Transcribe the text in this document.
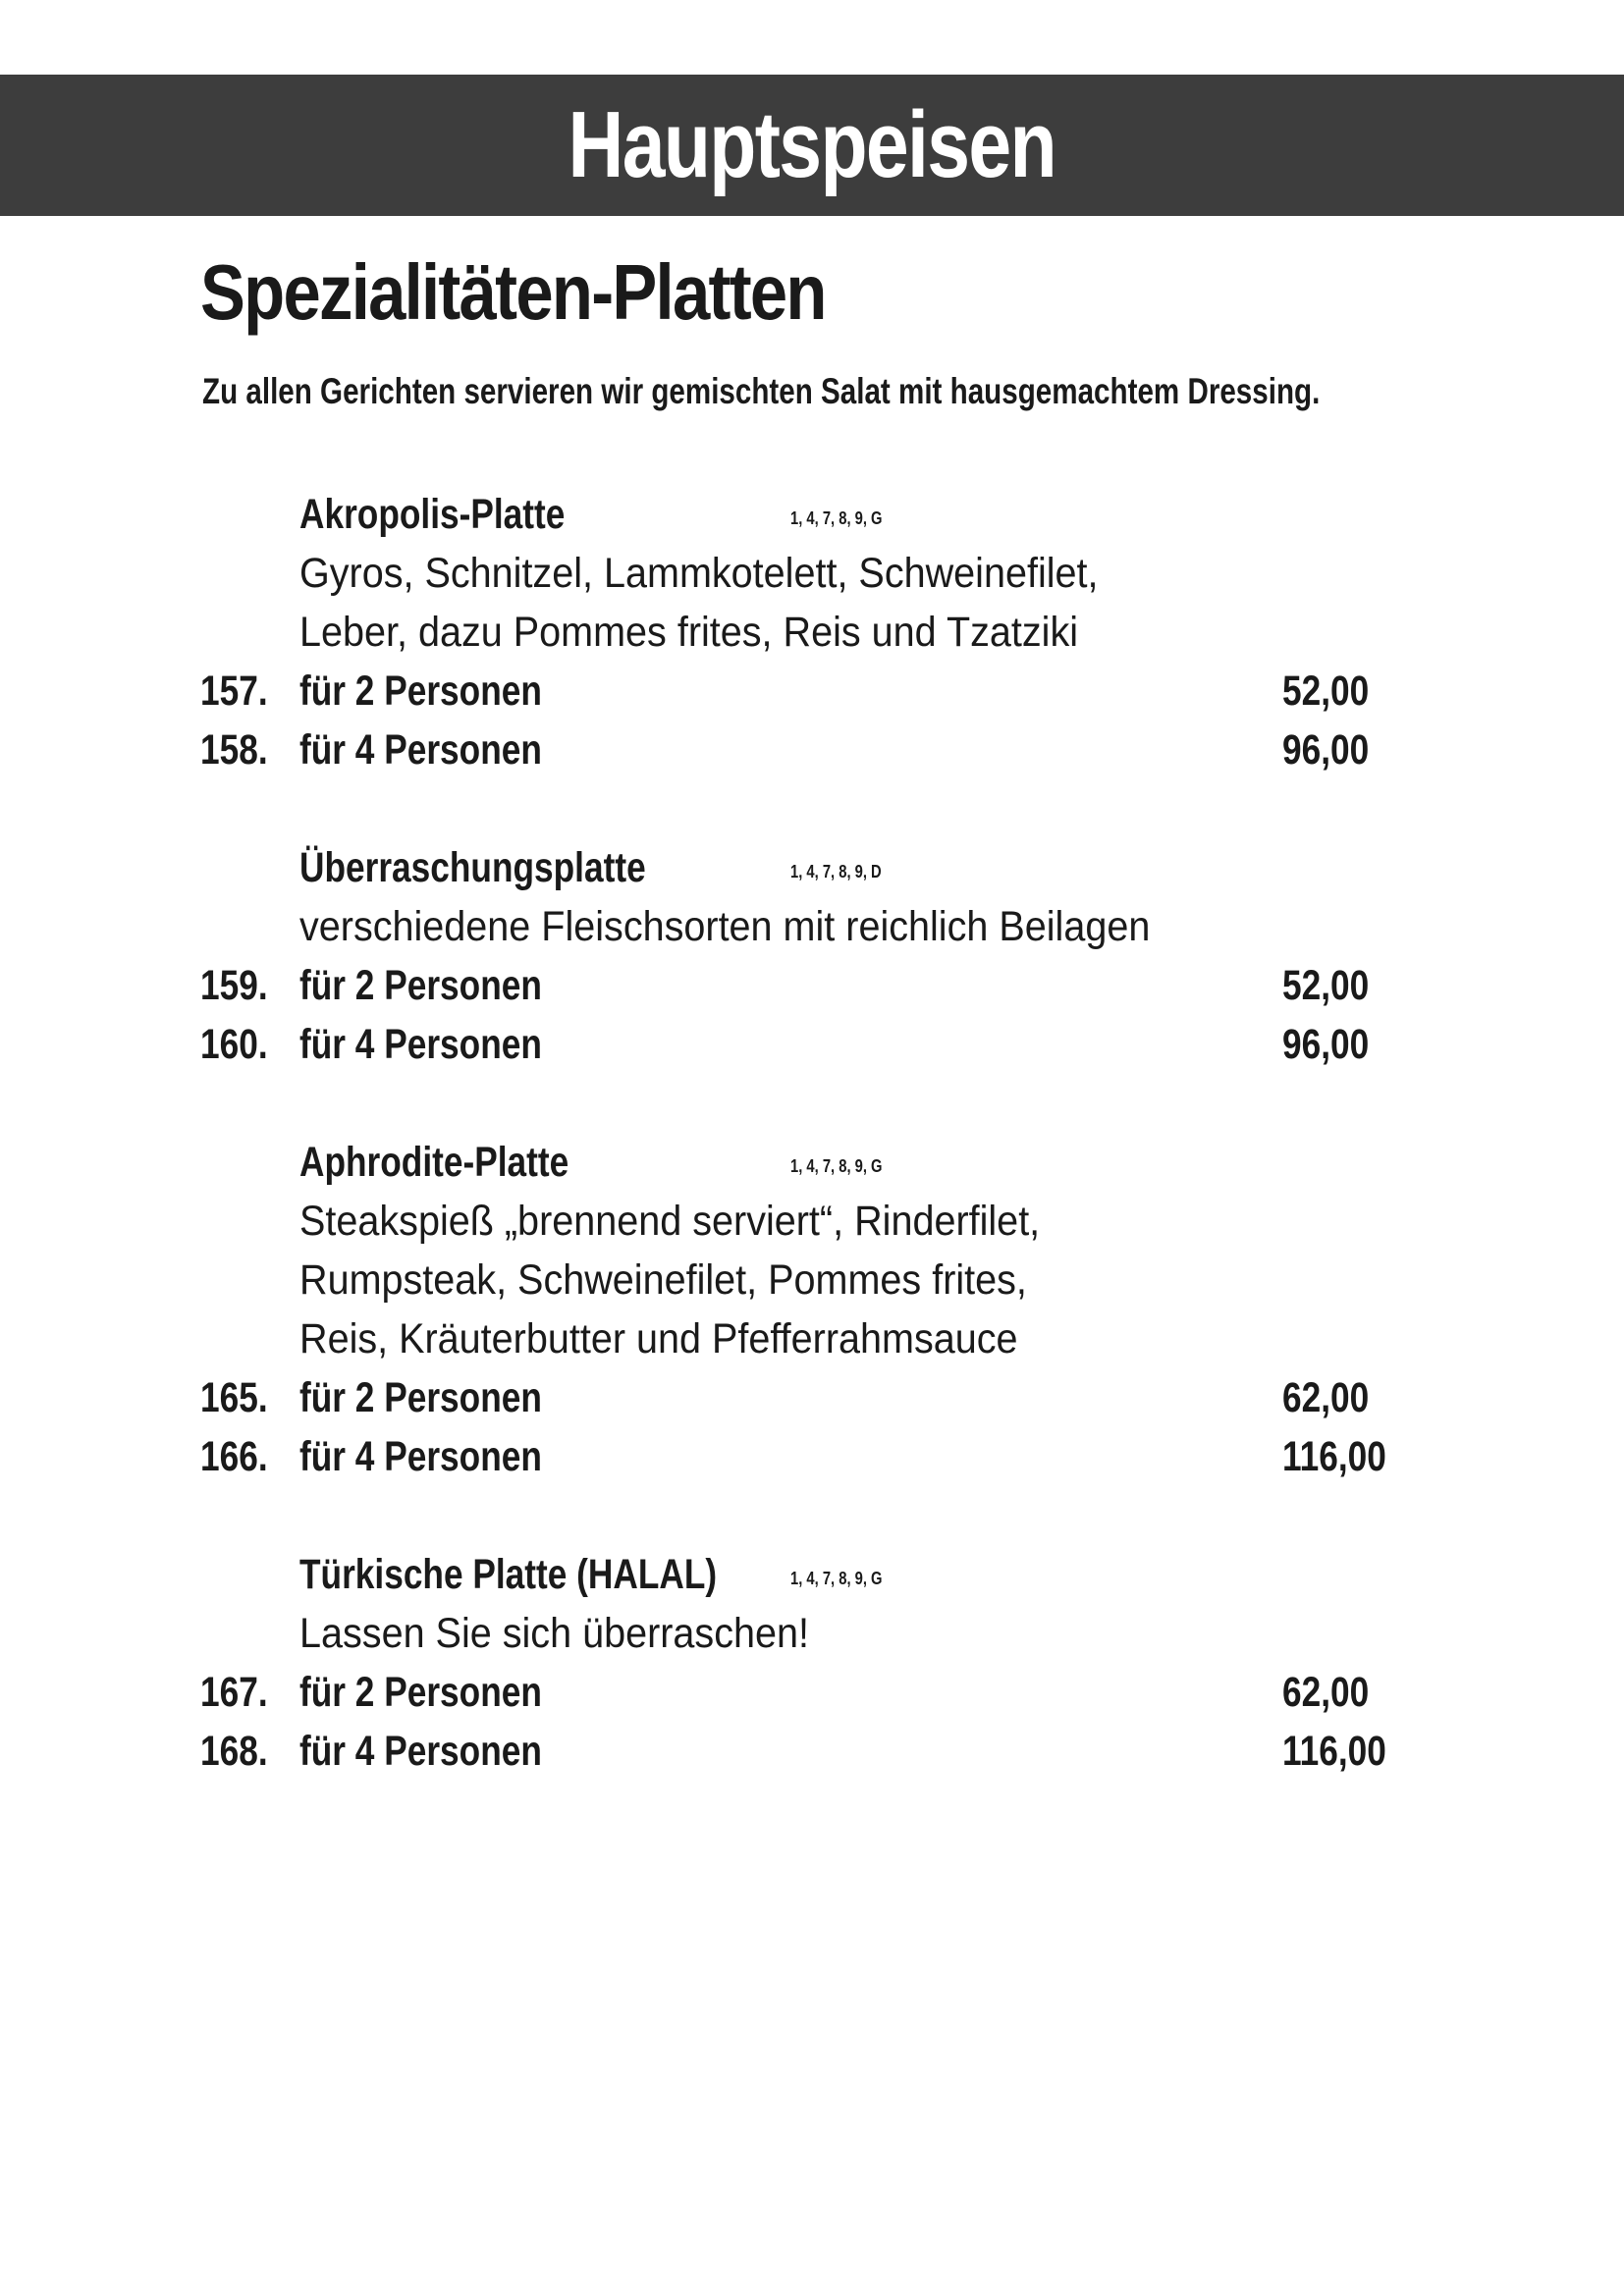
Hauptspeisen
Spezialitäten-Platten
Zu allen Gerichten servieren wir gemischten Salat mit hausgemachtem Dressing.
Akropolis-Platte	1, 4, 7, 8, 9, G
Gyros, Schnitzel, Lammkotelett, Schweinefilet,
Leber, dazu Pommes frites, Reis und Tzatziki
157. für 2 Personen	52,00
158. für 4 Personen	96,00
Überraschungsplatte	1, 4, 7, 8, 9, D
verschiedene Fleischsorten mit reichlich Beilagen
159. für 2 Personen	52,00
160. für 4 Personen	96,00
Aphrodite-Platte	1, 4, 7, 8, 9, G
Steakspieß „brennend serviert“, Rinderfilet,
Rumpsteak, Schweinefilet, Pommes frites,
Reis, Kräuterbutter und Pfefferrahmsauce
165. für 2 Personen	62,00
166. für 4 Personen	116,00
Türkische Platte (HALAL)	1, 4, 7, 8, 9, G
Lassen Sie sich überraschen!
167. für 2 Personen	62,00
168. für 4 Personen	116,00
